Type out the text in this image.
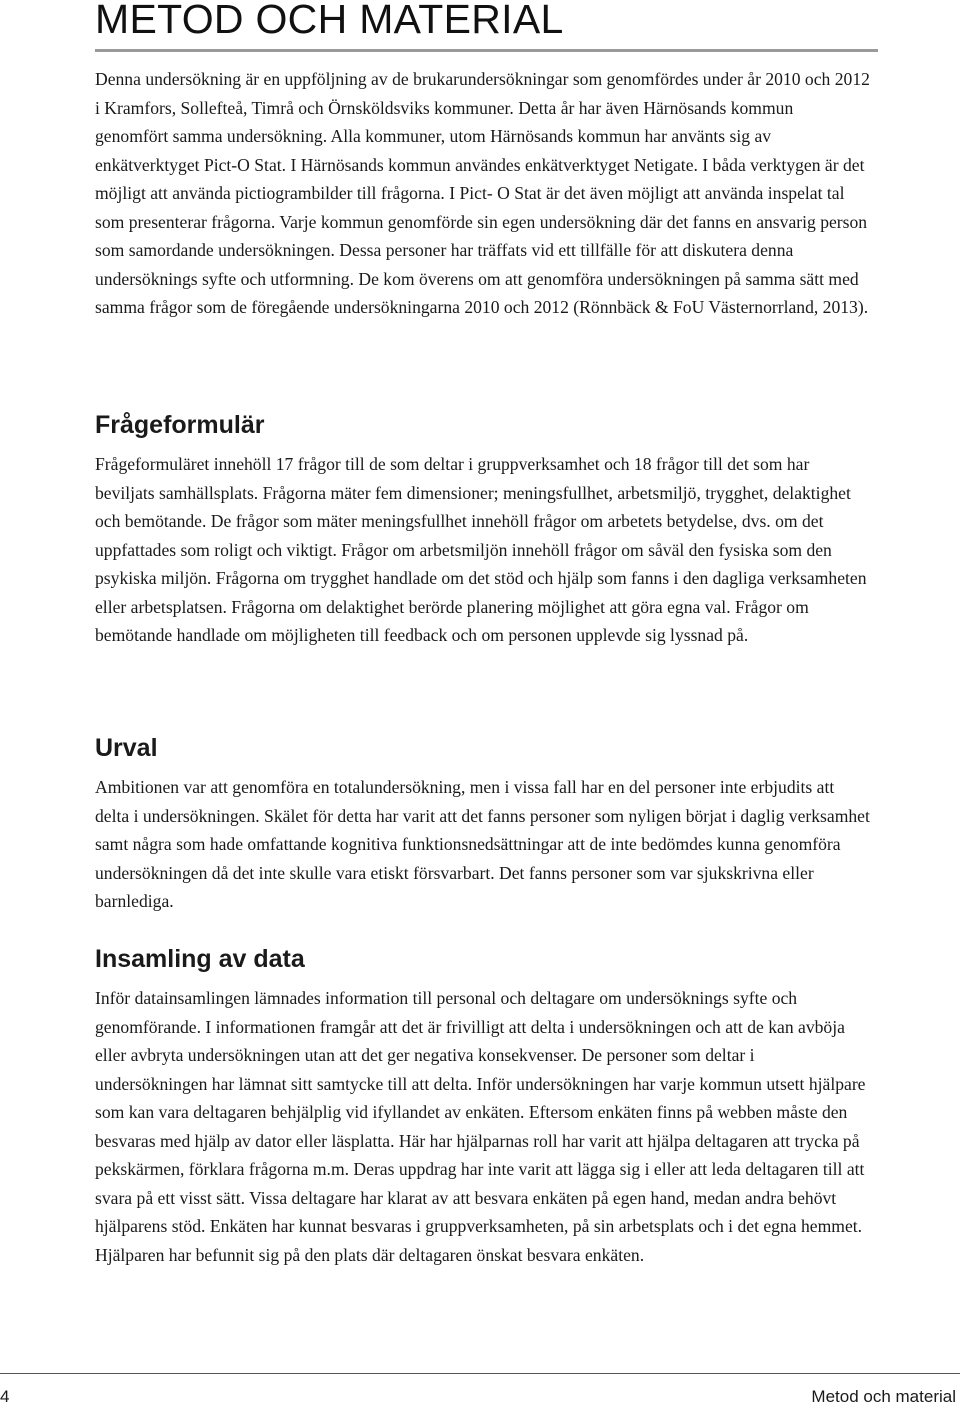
METOD OCH MATERIAL

Denna undersökning är en uppföljning av de brukarundersökningar som genomfördes under år 2010 och 2012 i Kramfors, Sollefteå, Timrå och Örnsköldsviks kommuner. Detta år har även Härnösands kommun genomfört samma undersökning. Alla kommuner, utom Härnösands kommun har använts sig av enkätverktyget Pict-O Stat. I Härnösands kommun användes enkätverktyget Netigate. I båda verktygen är det möjligt att använda pictiogrambilder till frågorna. I Pict- O Stat är det även möjligt att använda inspelat tal som presenterar frågorna. Varje kommun genomförde sin egen undersökning där det fanns en ansvarig person som samordande undersökningen. Dessa personer har träffats vid ett tillfälle för att diskutera denna undersöknings syfte och utformning. De kom överens om att genomföra undersökningen på samma sätt med samma frågor som de föregående undersökningarna 2010 och 2012 (Rönnbäck & FoU Västernorrland, 2013).

Frågeformulär

Frågeformuläret innehöll 17 frågor till de som deltar i gruppverksamhet och 18 frågor till det som har beviljats samhällsplats. Frågorna mäter fem dimensioner; meningsfullhet, arbetsmiljö, trygghet, delaktighet och bemötande. De frågor som mäter meningsfullhet innehöll frågor om arbetets betydelse, dvs. om det uppfattades som roligt och viktigt. Frågor om arbetsmiljön innehöll frågor om såväl den fysiska som den psykiska miljön. Frågorna om trygghet handlade om det stöd och hjälp som fanns i den dagliga verksamheten eller arbetsplatsen. Frågorna om delaktighet berörde planering möjlighet att göra egna val. Frågor om bemötande handlade om möjligheten till feedback och om personen upplevde sig lyssnad på.

Urval

Ambitionen var att genomföra en totalundersökning, men i vissa fall har en del personer inte erbjudits att delta i undersökningen. Skälet för detta har varit att det fanns personer som nyligen börjat i daglig verksamhet samt några som hade omfattande kognitiva funktionsnedsättningar att de inte bedömdes kunna genomföra undersökningen då det inte skulle vara etiskt försvarbart. Det fanns personer som var sjukskrivna eller barnlediga.

Insamling av data

Inför datainsamlingen lämnades information till personal och deltagare om undersöknings syfte och genomförande. I informationen framgår att det är frivilligt att delta i undersökningen och att de kan avböja eller avbryta undersökningen utan att det ger negativa konsekvenser. De personer som deltar i undersökningen har lämnat sitt samtycke till att delta. Inför undersökningen har varje kommun utsett hjälpare som kan vara deltagaren behjälplig vid ifyllandet av enkäten. Eftersom enkäten finns på webben måste den besvaras med hjälp av dator eller läsplatta. Här har hjälparnas roll har varit att hjälpa deltagaren att trycka på pekskärmen, förklara frågorna m.m. Deras uppdrag har inte varit att lägga sig i eller att leda deltagaren till att svara på ett visst sätt. Vissa deltagare har klarat av att besvara enkäten på egen hand, medan andra behövt hjälparens stöd. Enkäten har kunnat besvaras i gruppverksamheten, på sin arbetsplats och i det egna hemmet. Hjälparen har befunnit sig på den plats där deltagaren önskat besvara enkäten.

4	Metod och material
